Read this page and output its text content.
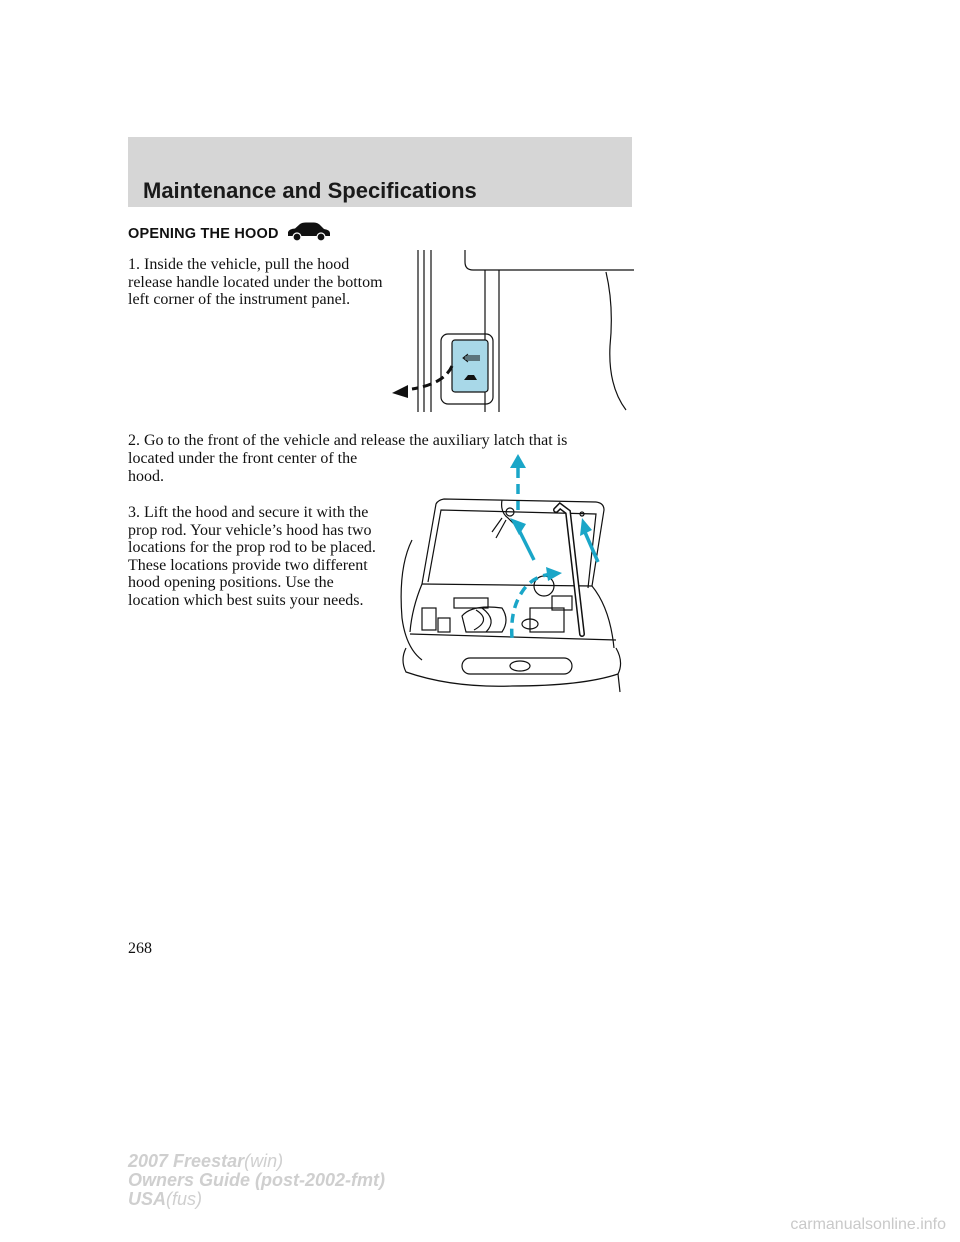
Maintenance and Specifications
OPENING THE HOOD

1. Inside the vehicle, pull the hood release handle located under the bottom left corner of the instrument panel.

2. Go to the front of the vehicle and release the auxiliary latch that is

located under the front center of the hood.

3. Lift the hood and secure it with the prop rod. Your vehicle’s hood has two locations for the prop rod to be placed. These locations provide two different hood opening positions. Use the location which best suits your needs.

268
2007 Freestar(win)
Owners Guide (post-2002-fmt)
USA(fus)
carmanualsonline.info
